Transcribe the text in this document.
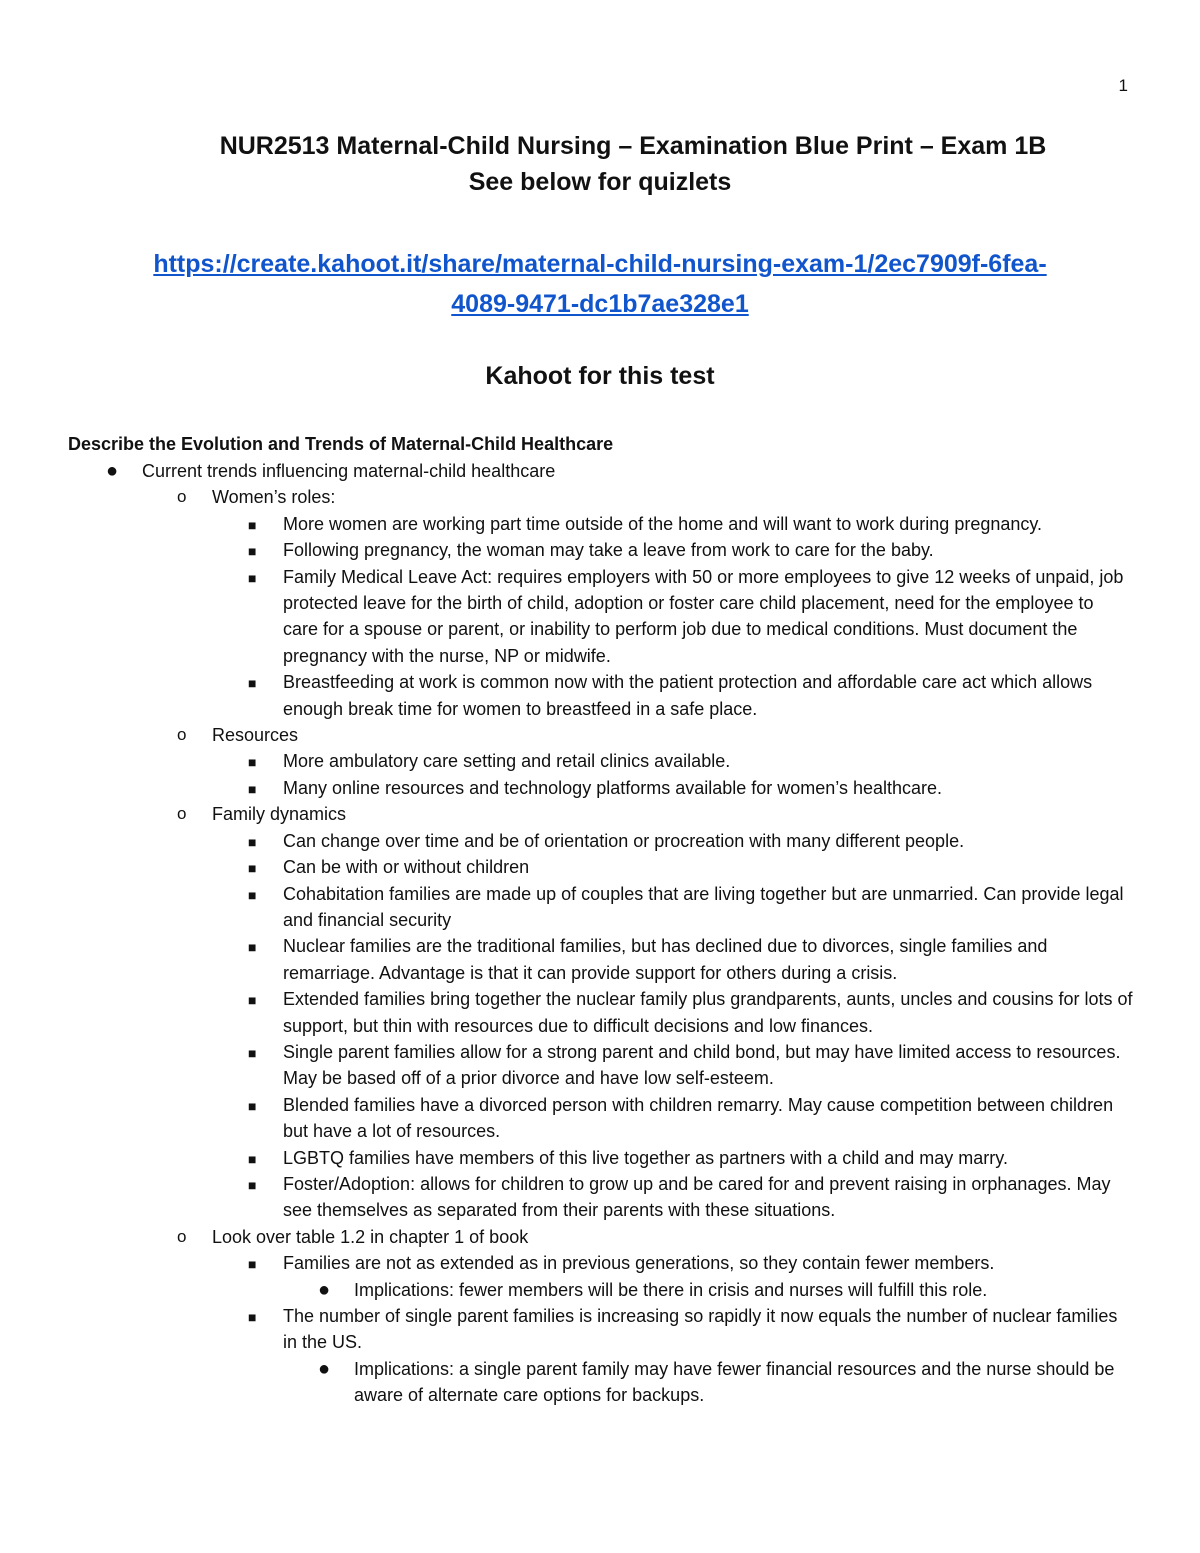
1

NUR2513 Maternal-Child Nursing – Examination Blue Print – Exam 1B

See below for quizlets

https://create.kahoot.it/share/maternal-child-nursing-exam-1/2ec7909f-6fea-
4089-9471-dc1b7ae328e1
Kahoot for this test
Describe the Evolution and Trends of Maternal-Child Healthcare
● Current trends influencing maternal-child healthcare
o Women’s roles:
■ More women are working part time outside of the home and will want to work during pregnancy.
■ Following pregnancy, the woman may take a leave from work to care for the baby.
■ Family Medical Leave Act: requires employers with 50 or more employees to give 12 weeks of unpaid, job protected leave for the birth of child, adoption or foster care child placement, need for the employee to care for a spouse or parent, or inability to perform job due to medical conditions. Must document the pregnancy with the nurse, NP or midwife.
■ Breastfeeding at work is common now with the patient protection and affordable care act which allows enough break time for women to breastfeed in a safe place.
o Resources
■ More ambulatory care setting and retail clinics available.
■ Many online resources and technology platforms available for women’s healthcare.
o Family dynamics
■ Can change over time and be of orientation or procreation with many different people.
■ Can be with or without children
■ Cohabitation families are made up of couples that are living together but are unmarried. Can provide legal and financial security
■ Nuclear families are the traditional families, but has declined due to divorces, single families and remarriage. Advantage is that it can provide support for others during a crisis.
■ Extended families bring together the nuclear family plus grandparents, aunts, uncles and cousins for lots of support, but thin with resources due to difficult decisions and low finances.
■ Single parent families allow for a strong parent and child bond, but may have limited access to resources. May be based off of a prior divorce and have low self-esteem.
■ Blended families have a divorced person with children remarry. May cause competition between children but have a lot of resources.
■ LGBTQ families have members of this live together as partners with a child and may marry.
■ Foster/Adoption: allows for children to grow up and be cared for and prevent raising in orphanages. May see themselves as separated from their parents with these situations.
o Look over table 1.2 in chapter 1 of book
■ Families are not as extended as in previous generations, so they contain fewer members.
● Implications: fewer members will be there in crisis and nurses will fulfill this role.
■ The number of single parent families is increasing so rapidly it now equals the number of nuclear families in the US.
● Implications: a single parent family may have fewer financial resources and the nurse should be aware of alternate care options for backups.
